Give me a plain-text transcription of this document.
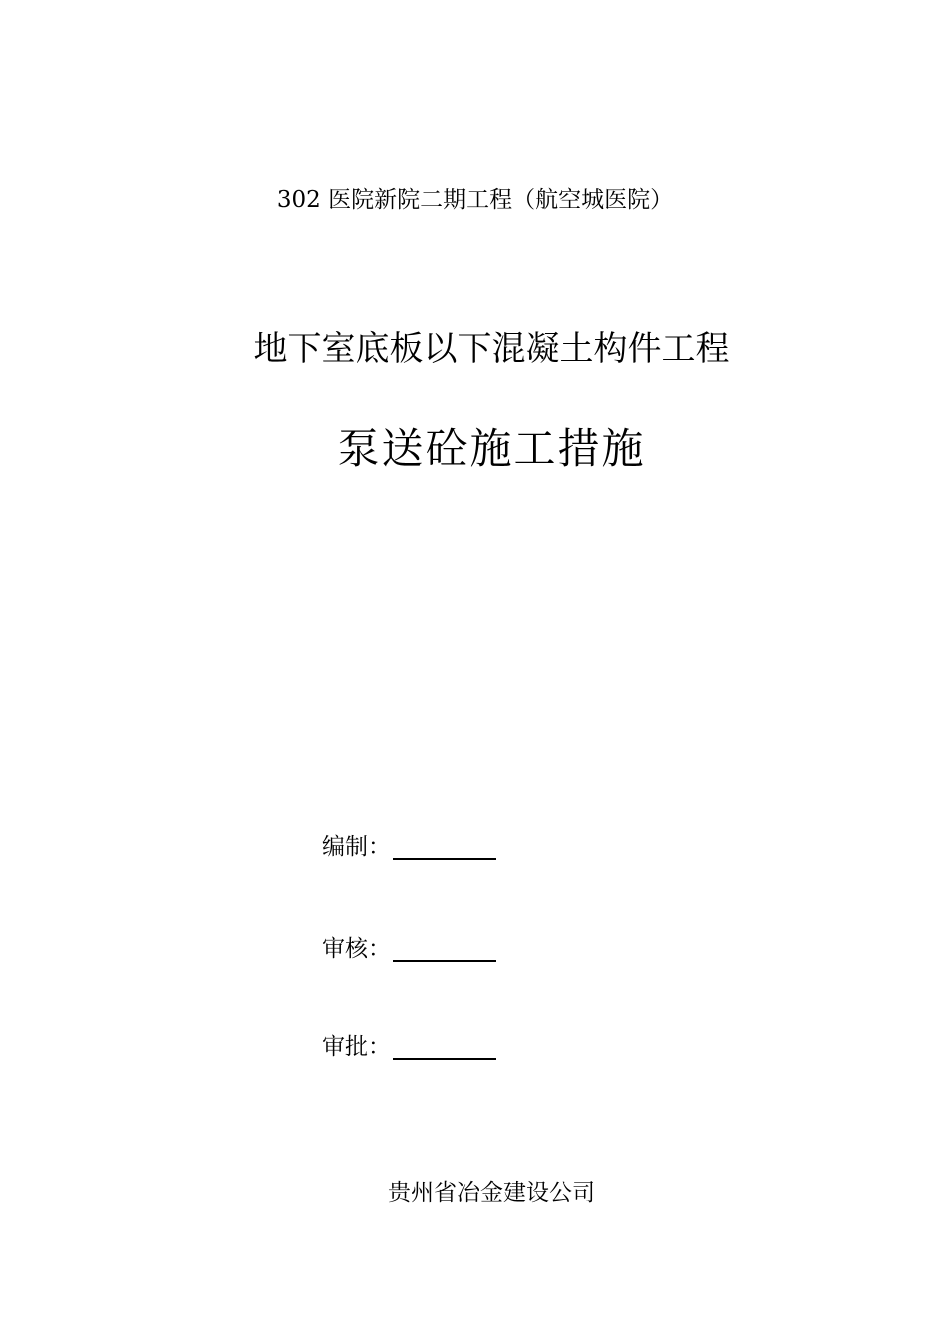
302 医院新院二期工程（航空城医院）
地下室底板以下混凝土构件工程
泵送砼施工措施
编制：
审核：
审批：
贵州省冶金建设公司
